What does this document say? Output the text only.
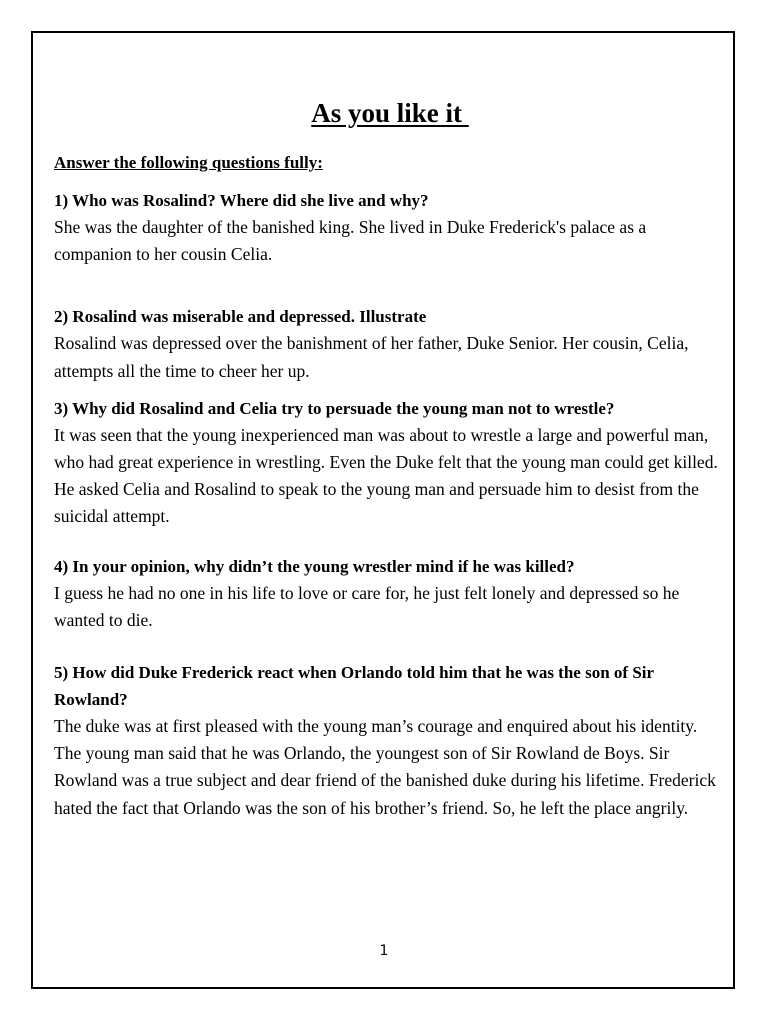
As you like it

Answer the following questions fully:

1) Who was Rosalind? Where did she live and why?

She was the daughter of the banished king. She lived in Duke Frederick's palace as a companion to her cousin Celia.

2) Rosalind was miserable and depressed. Illustrate

Rosalind was depressed over the banishment of her father, Duke Senior. Her cousin, Celia, attempts all the time to cheer her up.

3) Why did Rosalind and Celia try to persuade the young man not to wrestle?

It was seen that the young inexperienced man was about to wrestle a large and powerful man, who had great experience in wrestling. Even the Duke felt that the young man could get killed. He asked Celia and Rosalind to speak to the young man and persuade him to desist from the suicidal attempt.

4) In your opinion, why didn’t the young wrestler mind if he was killed?

I guess he had no one in his life to love or care for, he just felt lonely and depressed so he wanted to die.

5) How did Duke Frederick react when Orlando told him that he was the son of Sir Rowland?

The duke was at first pleased with the young man’s courage and enquired about his identity. The young man said that he was Orlando, the youngest son of Sir Rowland de Boys. Sir Rowland was a true subject and dear friend of the banished duke during his lifetime. Frederick hated the fact that Orlando was the son of his brother’s friend. So, he left the place angrily.

1
